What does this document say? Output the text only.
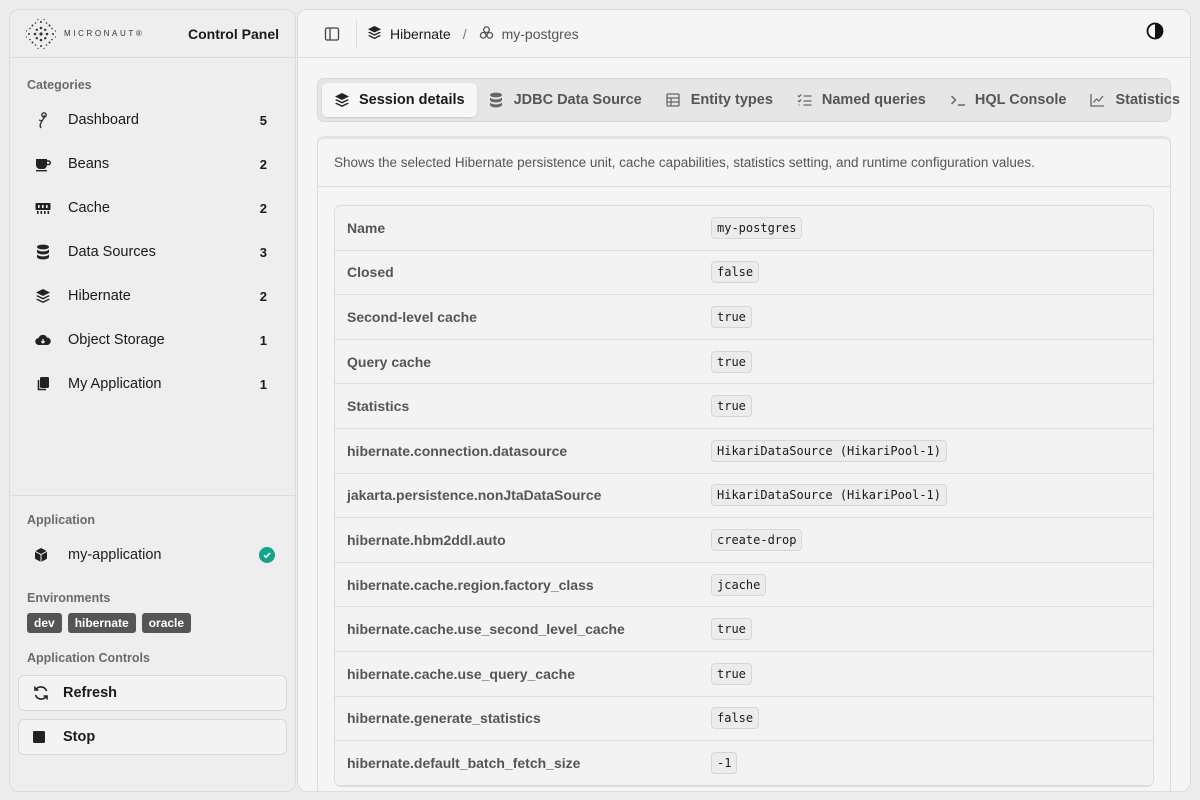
MICRONAUT®	Control Panel
Categories
Dashboard	5
Beans	2
Cache	2
Data Sources	3
Hibernate	2
Object Storage	1
My Application	1
Application
my-application
Environments
dev	hibernate	oracle
Application Controls
Refresh
Stop
Hibernate /	my-postgres
Session details	JDBC Data Source	Entity types	Named queries	HQL Console	Statistics
Shows the selected Hibernate persistence unit, cache capabilities, statistics setting, and runtime configuration values.
Name	my-postgres
Closed	false
Second-level cache	true
Query cache	true
Statistics	true
hibernate.connection.datasource	HikariDataSource (HikariPool-1)
jakarta.persistence.nonJtaDataSource	HikariDataSource (HikariPool-1)
hibernate.hbm2ddl.auto	create-drop
hibernate.cache.region.factory_class	jcache
hibernate.cache.use_second_level_cache	true
hibernate.cache.use_query_cache	true
hibernate.generate_statistics	false
hibernate.default_batch_fetch_size	-1
